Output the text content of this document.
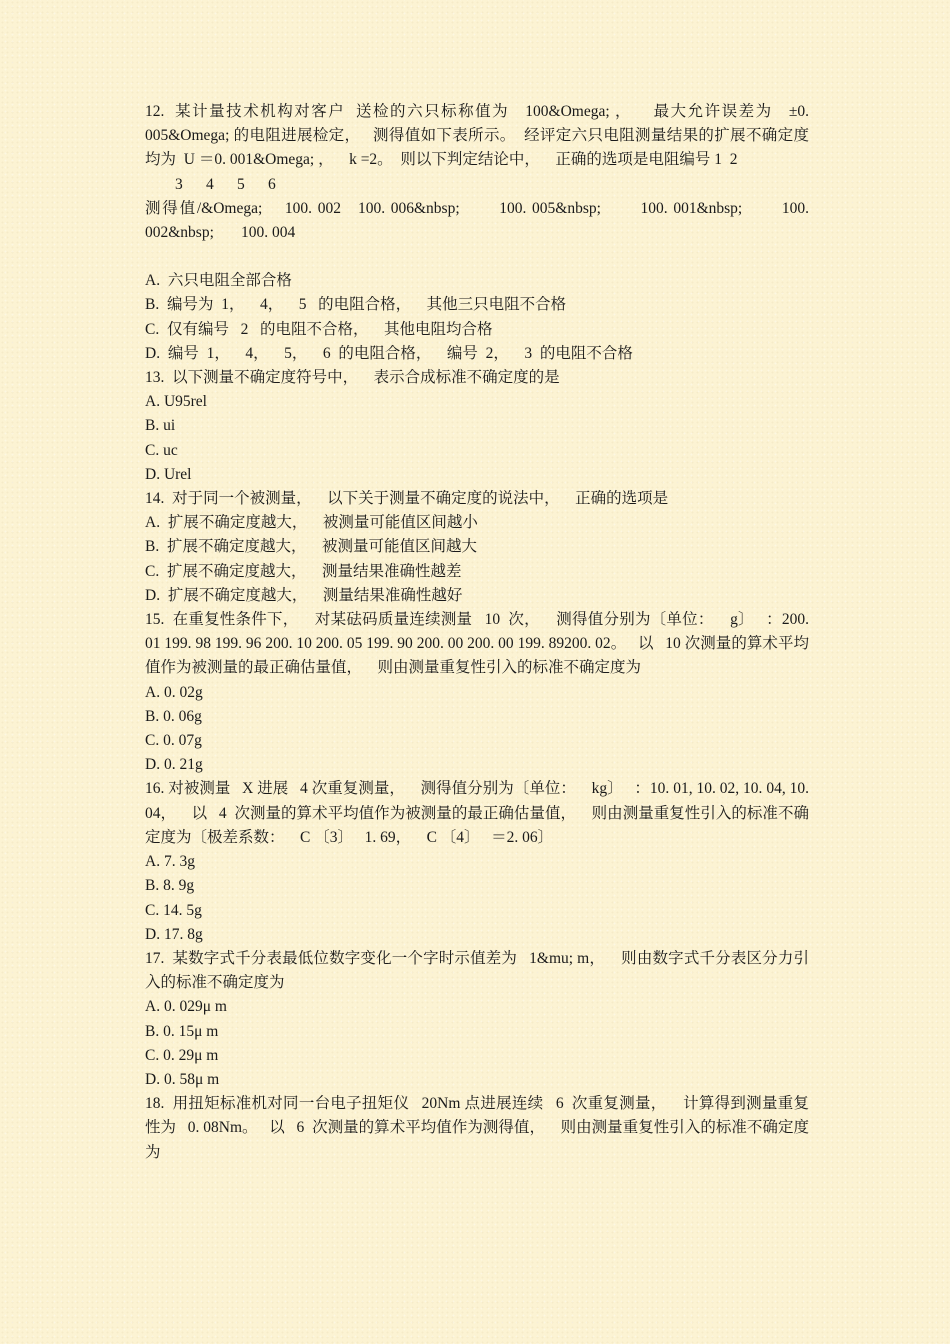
12.  某计量技术机构对客户  送检的六只标称值为   100&Omega; ，    最大允许误差为   ±0. 005&Omega; 的电阻进展检定，   测得值如下表所示。  经评定六只电阻测量结果的扩展不确定度均为  U ＝0. 001&Omega; ，    k =2。  则以下判定结论中，    正确的选项是电阻编号 1  2
3      4      5      6
测得值/&Omega;    100. 002   100. 006&nbsp;       100. 005&nbsp;       100. 001&nbsp;       100. 002&nbsp;       100. 004
A.  六只电阻全部合格
B.  编号为  1，    4，    5   的电阻合格，    其他三只电阻不合格
C.  仅有编号   2   的电阻不合格，    其他电阻均合格
D.  编号  1，    4，    5，    6  的电阻合格，    编号  2，    3  的电阻不合格
13.  以下测量不确定度符号中，    表示合成标准不确定度的是
A. U95rel
B. ui
C. uc
D. Urel
14.  对于同一个被测量，    以下关于测量不确定度的说法中，    正确的选项是
A.  扩展不确定度越大，    被测量可能值区间越小
B.  扩展不确定度越大，    被测量可能值区间越大
C.  扩展不确定度越大，    测量结果准确性越差
D.  扩展不确定度越大，    测量结果准确性越好
15.  在重复性条件下，    对某砝码质量连续测量   10  次，    测得值分别为〔单位：    g〕   ：200. 01 199. 98 199. 96 200. 10 200. 05 199. 90 200. 00 200. 00 199. 89200. 02。   以   10 次测量的算术平均值作为被测量的最正确估量值，    则由测量重复性引入的标准不确定度为
A. 0. 02g
B. 0. 06g
C. 0. 07g
D. 0. 21g
16. 对被测量   X 进展   4 次重复测量，    测得值分别为〔单位：    kg〕   ：10. 01, 10. 02, 10. 04, 10. 04，    以   4  次测量的算术平均值作为被测量的最正确估量值，    则由测量重复性引入的标准不确定度为〔极差系数：    C 〔3〕   1. 69，    C 〔4〕   ＝2. 06〕
A. 7. 3g
B. 8. 9g
C. 14. 5g
D. 17. 8g
17.  某数字式千分表最低位数字变化一个字时示值差为   1&mu; m，    则由数字式千分表区分力引入的标准不确定度为
A. 0. 029μ m
B. 0. 15μ m
C. 0. 29μ m
D. 0. 58μ m
18.  用扭矩标准机对同一台电子扭矩仪   20Nm 点进展连续   6  次重复测量，    计算得到测量重复性为   0. 08Nm。   以   6  次测量的算术平均值作为测得值，    则由测量重复性引入的标准不确定度为
